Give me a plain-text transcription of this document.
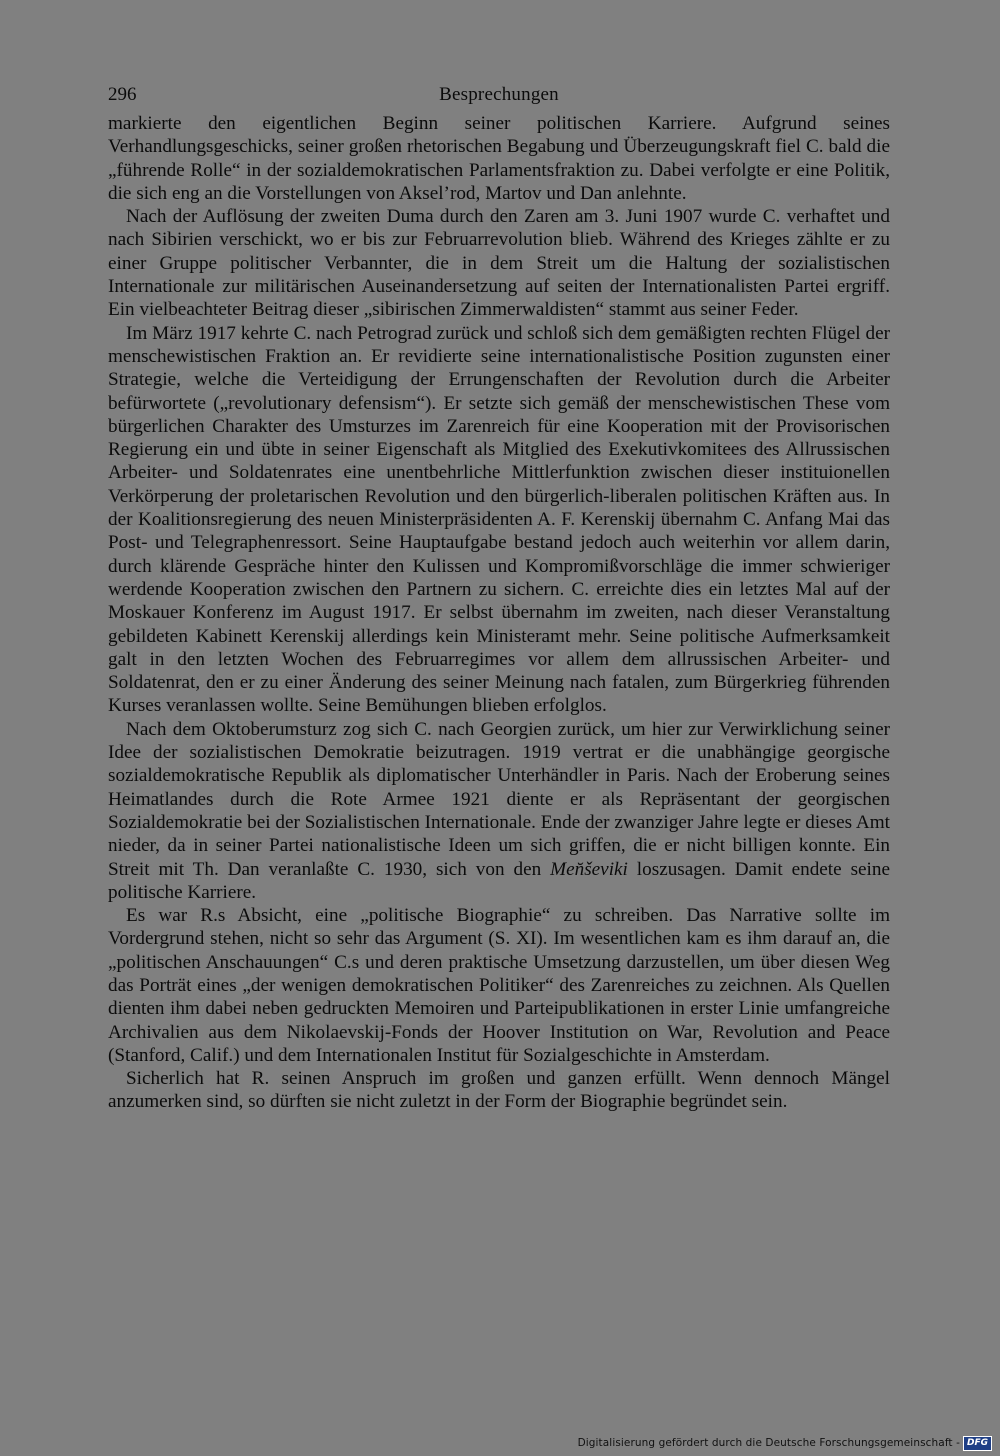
296	Besprechungen

markierte den eigentlichen Beginn seiner politischen Karriere. Aufgrund seines Verhandlungsgeschicks, seiner großen rhetorischen Begabung und Überzeugungskraft fiel C. bald die „führende Rolle“ in der sozialdemokratischen Parlamentsfraktion zu. Dabei verfolgte er eine Politik, die sich eng an die Vorstellungen von Aksel’rod, Martov und Dan anlehnte.

Nach der Auflösung der zweiten Duma durch den Zaren am 3. Juni 1907 wurde C. verhaftet und nach Sibirien verschickt, wo er bis zur Februarrevolution blieb. Während des Krieges zählte er zu einer Gruppe politischer Verbannter, die in dem Streit um die Haltung der sozialistischen Internationale zur militärischen Auseinandersetzung auf seiten der Internationalisten Partei ergriff. Ein vielbeachteter Beitrag dieser „sibirischen Zimmerwaldisten“ stammt aus seiner Feder.

Im März 1917 kehrte C. nach Petrograd zurück und schloß sich dem gemäßigten rechten Flügel der menschewistischen Fraktion an. Er revidierte seine internationalistische Position zugunsten einer Strategie, welche die Verteidigung der Errungenschaften der Revolution durch die Arbeiter befürwortete („revolutionary defensism“). Er setzte sich gemäß der menschewistischen These vom bürgerlichen Charakter des Umsturzes im Zarenreich für eine Kooperation mit der Provisorischen Regierung ein und übte in seiner Eigenschaft als Mitglied des Exekutivkomitees des Allrussischen Arbeiter- und Soldatenrates eine unentbehrliche Mittlerfunktion zwischen dieser instituionellen Verkörperung der proletarischen Revolution und den bürgerlich-liberalen politischen Kräften aus. In der Koalitionsregierung des neuen Ministerpräsidenten A. F. Kerenskij übernahm C. Anfang Mai das Post- und Telegraphenressort. Seine Hauptaufgabe bestand jedoch auch weiterhin vor allem darin, durch klärende Gespräche hinter den Kulissen und Kompromißvorschläge die immer schwieriger werdende Kooperation zwischen den Partnern zu sichern. C. erreichte dies ein letztes Mal auf der Moskauer Konferenz im August 1917. Er selbst übernahm im zweiten, nach dieser Veranstaltung gebildeten Kabinett Kerenskij allerdings kein Ministeramt mehr. Seine politische Aufmerksamkeit galt in den letzten Wochen des Februarregimes vor allem dem allrussischen Arbeiter- und Soldatenrat, den er zu einer Änderung des seiner Meinung nach fatalen, zum Bürgerkrieg führenden Kurses veranlassen wollte. Seine Bemühungen blieben erfolglos.

Nach dem Oktoberumsturz zog sich C. nach Georgien zurück, um hier zur Verwirklichung seiner Idee der sozialistischen Demokratie beizutragen. 1919 vertrat er die unabhängige georgische sozialdemokratische Republik als diplomatischer Unterhändler in Paris. Nach der Eroberung seines Heimatlandes durch die Rote Armee 1921 diente er als Repräsentant der georgischen Sozialdemokratie bei der Sozialistischen Internationale. Ende der zwanziger Jahre legte er dieses Amt nieder, da in seiner Partei nationalistische Ideen um sich griffen, die er nicht billigen konnte. Ein Streit mit Th. Dan veranlaßte C. 1930, sich von den Men̆ševiki loszusagen. Damit endete seine politische Karriere.

Es war R.s Absicht, eine „politische Biographie“ zu schreiben. Das Narrative sollte im Vordergrund stehen, nicht so sehr das Argument (S. XI). Im wesentlichen kam es ihm darauf an, die „politischen Anschauungen“ C.s und deren praktische Umsetzung darzustellen, um über diesen Weg das Porträt eines „der wenigen demokratischen Politiker“ des Zarenreiches zu zeichnen. Als Quellen dienten ihm dabei neben gedruckten Memoiren und Parteipublikationen in erster Linie umfangreiche Archivalien aus dem Nikolaevskij-Fonds der Hoover Institution on War, Revolution and Peace (Stanford, Calif.) und dem Internationalen Institut für Sozialgeschichte in Amsterdam.

Sicherlich hat R. seinen Anspruch im großen und ganzen erfüllt. Wenn dennoch Mängel anzumerken sind, so dürften sie nicht zuletzt in der Form der Biographie begründet sein.

Digitalisierung gefördert durch die Deutsche Forschungsgemeinschaft - DFG
